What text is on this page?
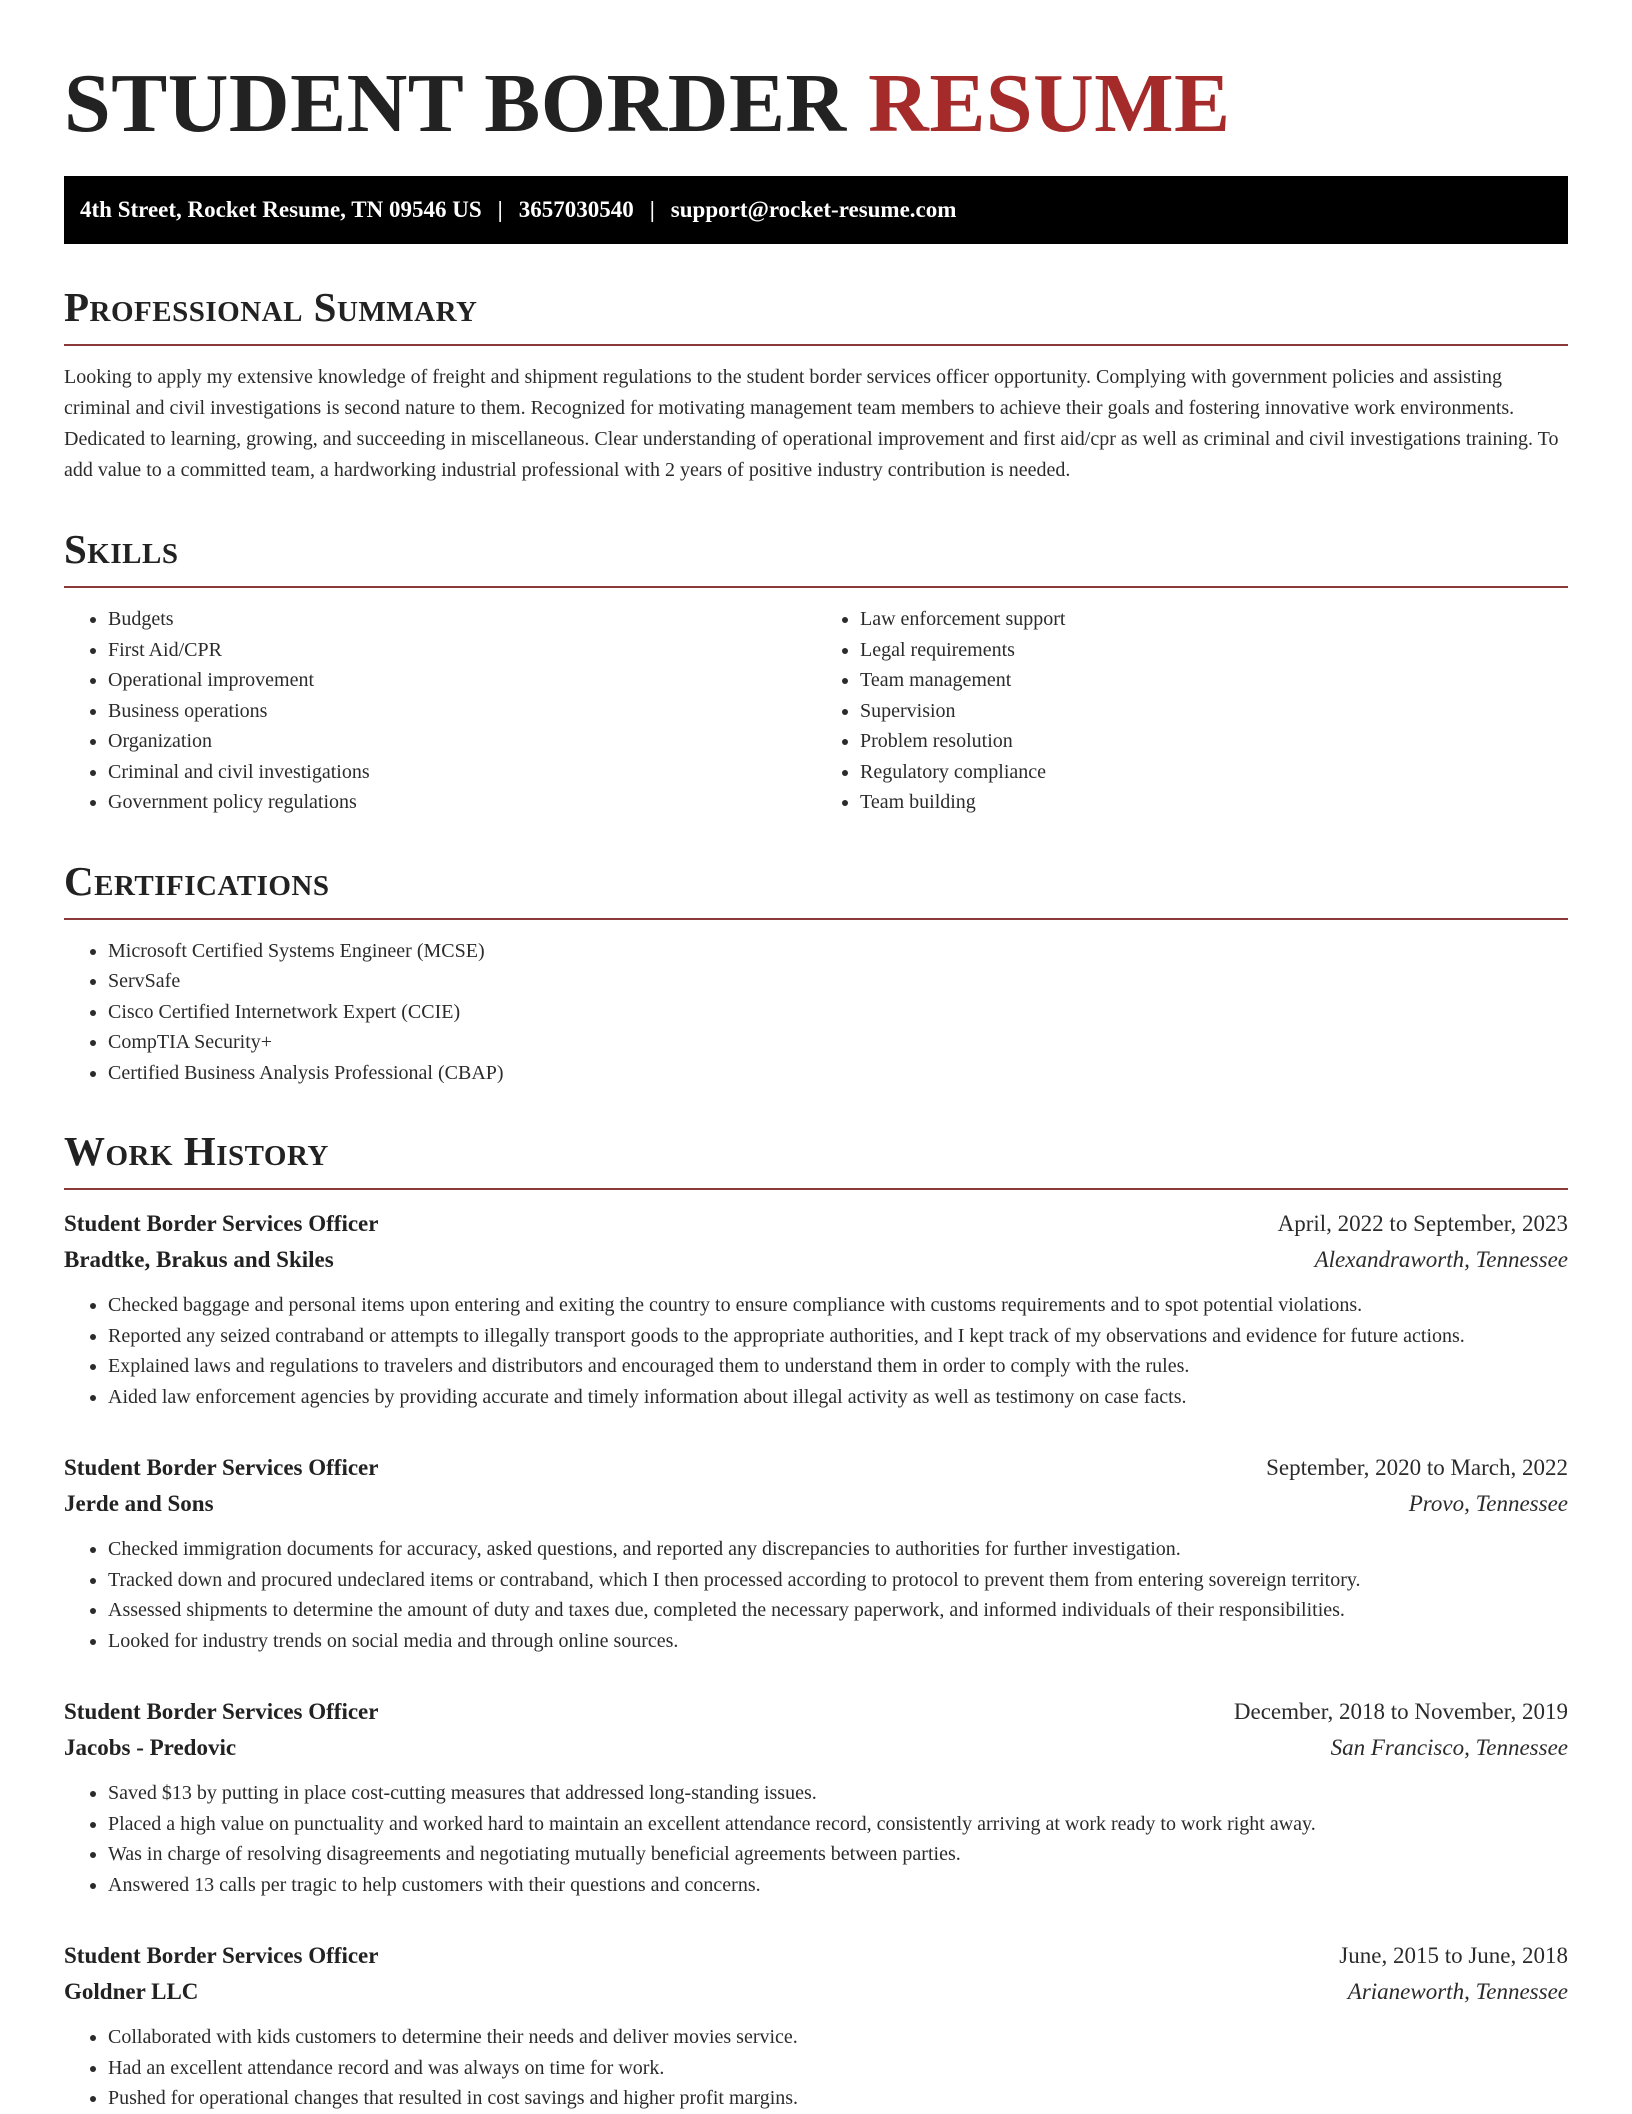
STUDENT BORDER RESUME
4th Street, Rocket Resume, TN 09546 US | 3657030540 | support@rocket-resume.com
Professional Summary

Looking to apply my extensive knowledge of freight and shipment regulations to the student border services officer opportunity. Complying with government policies and assisting criminal and civil investigations is second nature to them. Recognized for motivating management team members to achieve their goals and fostering innovative work environments. Dedicated to learning, growing, and succeeding in miscellaneous. Clear understanding of operational improvement and first aid/cpr as well as criminal and civil investigations training. To add value to a committed team, a hardworking industrial professional with 2 years of positive industry contribution is needed.

Skills
• Budgets
• First Aid/CPR
• Operational improvement
• Business operations
• Organization
• Criminal and civil investigations
• Government policy regulations
• Law enforcement support
• Legal requirements
• Team management
• Supervision
• Problem resolution
• Regulatory compliance
• Team building
Certifications
• Microsoft Certified Systems Engineer (MCSE)
• ServSafe
• Cisco Certified Internetwork Expert (CCIE)
• CompTIA Security+
• Certified Business Analysis Professional (CBAP)
Work History
Student Border Services Officer	April, 2022 to September, 2023
Bradtke, Brakus and Skiles	Alexandraworth, Tennessee
• Checked baggage and personal items upon entering and exiting the country to ensure compliance with customs requirements and to spot potential violations.
• Reported any seized contraband or attempts to illegally transport goods to the appropriate authorities, and I kept track of my observations and evidence for future actions.
• Explained laws and regulations to travelers and distributors and encouraged them to understand them in order to comply with the rules.
• Aided law enforcement agencies by providing accurate and timely information about illegal activity as well as testimony on case facts.
Student Border Services Officer	September, 2020 to March, 2022
Jerde and Sons	Provo, Tennessee
• Checked immigration documents for accuracy, asked questions, and reported any discrepancies to authorities for further investigation.
• Tracked down and procured undeclared items or contraband, which I then processed according to protocol to prevent them from entering sovereign territory.
• Assessed shipments to determine the amount of duty and taxes due, completed the necessary paperwork, and informed individuals of their responsibilities.
• Looked for industry trends on social media and through online sources.
Student Border Services Officer	December, 2018 to November, 2019
Jacobs - Predovic	San Francisco, Tennessee
• Saved $13 by putting in place cost-cutting measures that addressed long-standing issues.
• Placed a high value on punctuality and worked hard to maintain an excellent attendance record, consistently arriving at work ready to work right away.
• Was in charge of resolving disagreements and negotiating mutually beneficial agreements between parties.
• Answered 13 calls per tragic to help customers with their questions and concerns.
Student Border Services Officer	June, 2015 to June, 2018
Goldner LLC	Arianeworth, Tennessee
• Collaborated with kids customers to determine their needs and deliver movies service.
• Had an excellent attendance record and was always on time for work.
• Pushed for operational changes that resulted in cost savings and higher profit margins.
